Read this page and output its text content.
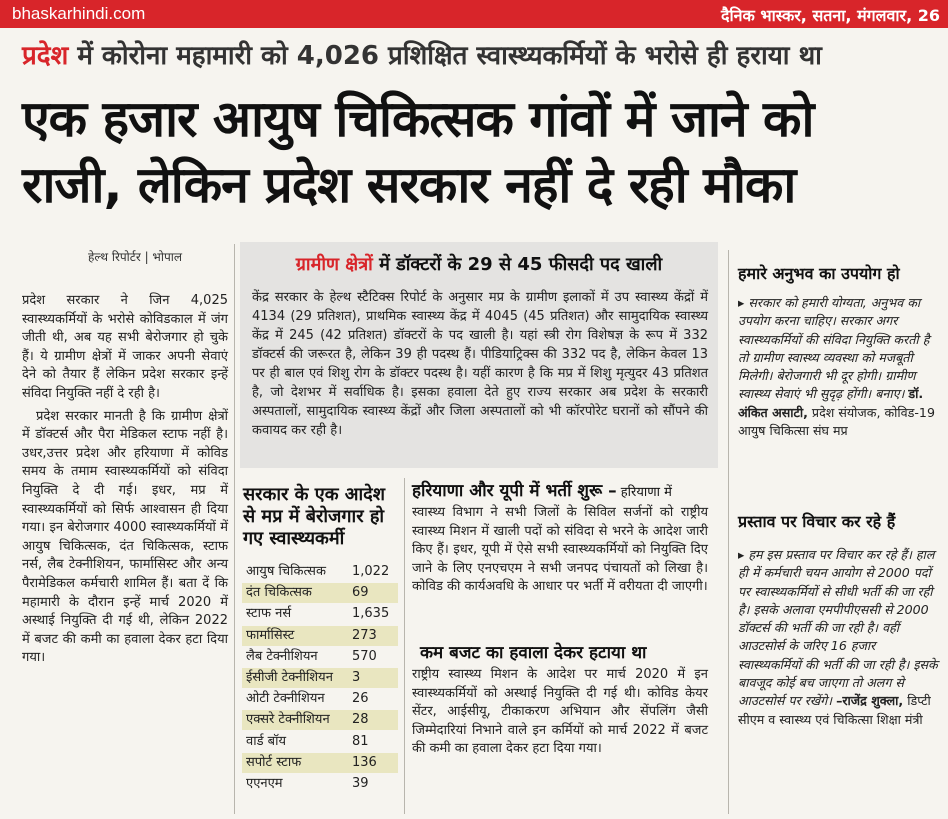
bhaskarhindi.com	दैनिक भास्कर, सतना, मंगलवार, 26
प्रदेश में कोरोना महामारी को 4,026 प्रशिक्षित स्वास्थ्यकर्मियों के भरोसे ही हराया था
एक हजार आयुष चिकित्सक गांवों में जाने को
राजी, लेकिन प्रदेश सरकार नहीं दे रही मौका
हेल्थ रिपोर्टर | भोपाल

प्रदेश सरकार ने जिन 4,025 स्वास्थ्यकर्मियों के भरोसे कोविडकाल में जंग जीती थी, अब यह सभी बेरोजगार हो चुके हैं। ये ग्रामीण क्षेत्रों में जाकर अपनी सेवाएं देने को तैयार हैं लेकिन प्रदेश सरकार इन्हें संविदा नियुक्ति नहीं दे रही है।

प्रदेश सरकार मानती है कि ग्रामीण क्षेत्रों में डॉक्टर्स और पैरा मेडिकल स्टाफ नहीं है। उधर,उत्तर प्रदेश और हरियाणा में कोविड समय के तमाम स्वास्थ्यकर्मियों को संविदा नियुक्ति दे दी गई। इधर, मप्र में स्वास्थ्यकर्मियों को सिर्फ आश्वासन ही दिया गया। इन बेरोजगार 4000 स्वास्थ्यकर्मियों में आयुष चिकित्सक, दंत चिकित्सक, स्टाफ नर्स, लैब टेक्नीशियन, फार्मासिस्ट और अन्य पैरामेडिकल कर्मचारी शामिल हैं। बता दें कि महामारी के दौरान इन्हें मार्च 2020 में अस्थाई नियुक्ति दी गई थी, लेकिन 2022 में बजट की कमी का हवाला देकर हटा दिया गया।

ग्रामीण क्षेत्रों में डॉक्टरों के 29 से 45 फीसदी पद खाली
केंद्र सरकार के हेल्थ स्टैटिक्स रिपोर्ट के अनुसार मप्र के ग्रामीण इलाकों में उप स्वास्थ्य केंद्रों में 4134 (29 प्रतिशत), प्राथमिक स्वास्थ्य केंद्र में 4045 (45 प्रतिशत) और सामुदायिक स्वास्थ्य केंद्र में 245 (42 प्रतिशत) डॉक्टरों के पद खाली है। यहां स्त्री रोग विशेषज्ञ के रूप में 332 डॉक्टर्स की जरूरत है, लेकिन 39 ही पदस्थ हैं। पीडियाट्रिक्स की 332 पद है, लेकिन केवल 13 पर ही बाल एवं शिशु रोग के डॉक्टर पदस्थ है। यहीं कारण है कि मप्र में शिशु मृत्युदर 43 प्रतिशत है, जो देशभर में सर्वाधिक है। इसका हवाला देते हुए राज्य सरकार अब प्रदेश के सरकारी अस्पतालों, सामुदायिक स्वास्थ्य केंद्रों और जिला अस्पतालों को भी कॉरपोरेट घरानों को सौंपने की कवायद कर रही है।
सरकार के एक आदेश से मप्र में बेरोजगार हो गए स्वास्थ्यकर्मी
आयुष चिकित्सक 1,022
दंत चिकित्सक	69
स्टाफ नर्स	1,635
फार्मासिस्ट	273
लैब टेक्नीशियन	570
ईसीजी टेक्नीशियन 3
ओटी टेक्नीशियन 26
एक्सरे टेक्नीशियन 28
वार्ड बॉय	81
सपोर्ट स्टाफ	136
एएनएम	39
हरियाणा और यूपी में भर्ती शुरू – हरियाणा में
स्वास्थ्य विभाग ने सभी जिलों के सिविल सर्जनों को राष्ट्रीय स्वास्थ्य मिशन में खाली पदों को संविदा से भरने के आदेश जारी किए हैं। इधर, यूपी में ऐसे सभी स्वास्थ्यकर्मियों को नियुक्ति दिए जाने के लिए एनएचएम ने सभी जनपद पंचायतों को लिखा है। कोविड की कार्यअवधि के आधार पर भर्ती में वरीयता दी जाएगी।
कम बजट का हवाला देकर हटाया था
राष्ट्रीय स्वास्थ्य मिशन के आदेश पर मार्च 2020 में इन स्वास्थ्यकर्मियों को अस्थाई नियुक्ति दी गई थी। कोविड केयर सेंटर, आईसीयू, टीकाकरण अभियान और सेंपलिंग जैसी जिम्मेदारियां निभाने वाले इन कर्मियों को मार्च 2022 में बजट की कमी का हवाला देकर हटा दिया गया।
हमारे अनुभव का उपयोग हो
▸ सरकार को हमारी योग्यता, अनुभव का उपयोग करना चाहिए। सरकार अगर स्वास्थ्यकर्मियों की संविदा नियुक्ति करती है तो ग्रामीण स्वास्थ्य व्यवस्था को मजबूती मिलेगी। बेरोजगारी भी दूर होगी। ग्रामीण स्वास्थ्य सेवाएं भी सुदृढ़ होंगी। बनाए। डॉ. अंकित असाटी, प्रदेश संयोजक, कोविड-19 आयुष चिकित्सा संघ मप्र
प्रस्ताव पर विचार कर रहे हैं
▸ हम इस प्रस्ताव पर विचार कर रहे हैं। हाल ही में कर्मचारी चयन आयोग से 2000 पदों पर स्वास्थ्यकर्मियों से सीधी भर्ती की जा रही है। इसके अलावा एमपीपीएससी से 2000 डॉक्टर्स की भर्ती की जा रही है। वहीं आउटसोर्स के जरिए 16 हजार स्वास्थ्यकर्मियों की भर्ती की जा रही है। इसके बावजूद कोई बच जाएगा तो अलग से आउटसोर्स पर रखेंगे। –राजेंद्र शुक्ला, डिप्टी सीएम व स्वास्थ्य एवं चिकित्सा शिक्षा मंत्री
